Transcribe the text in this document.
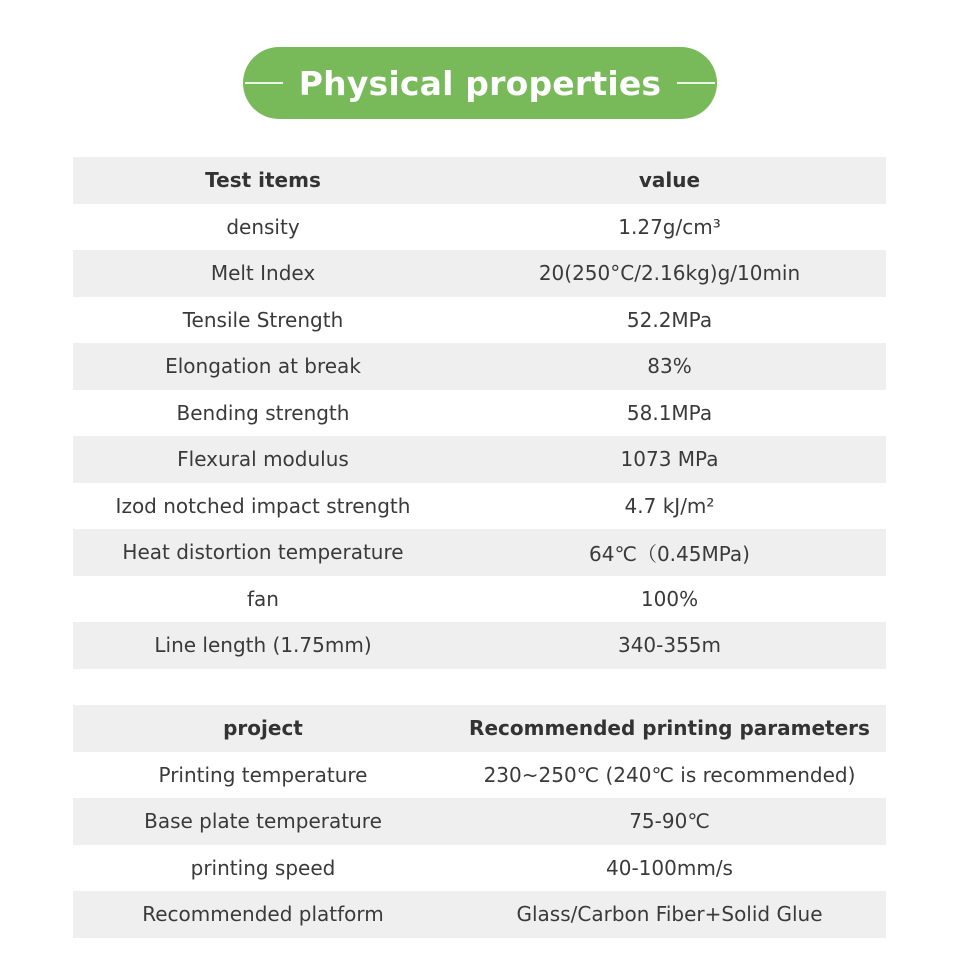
Physical properties
Test items	value
density	1.27g/cm³
Melt Index	20(250°C/2.16kg)g/10min
Tensile Strength	52.2MPa
Elongation at break	83%
Bending strength	58.1MPa
Flexural modulus	1073 MPa
Izod notched impact strength	4.7 kJ/m²
Heat distortion temperature	64℃（0.45MPa)
fan	100%
Line length (1.75mm)	340-355m
project	Recommended printing parameters
Printing temperature	230~250℃ (240℃ is recommended)
Base plate temperature	75-90℃
printing speed	40-100mm/s
Recommended platform	Glass/Carbon Fiber+Solid Glue
